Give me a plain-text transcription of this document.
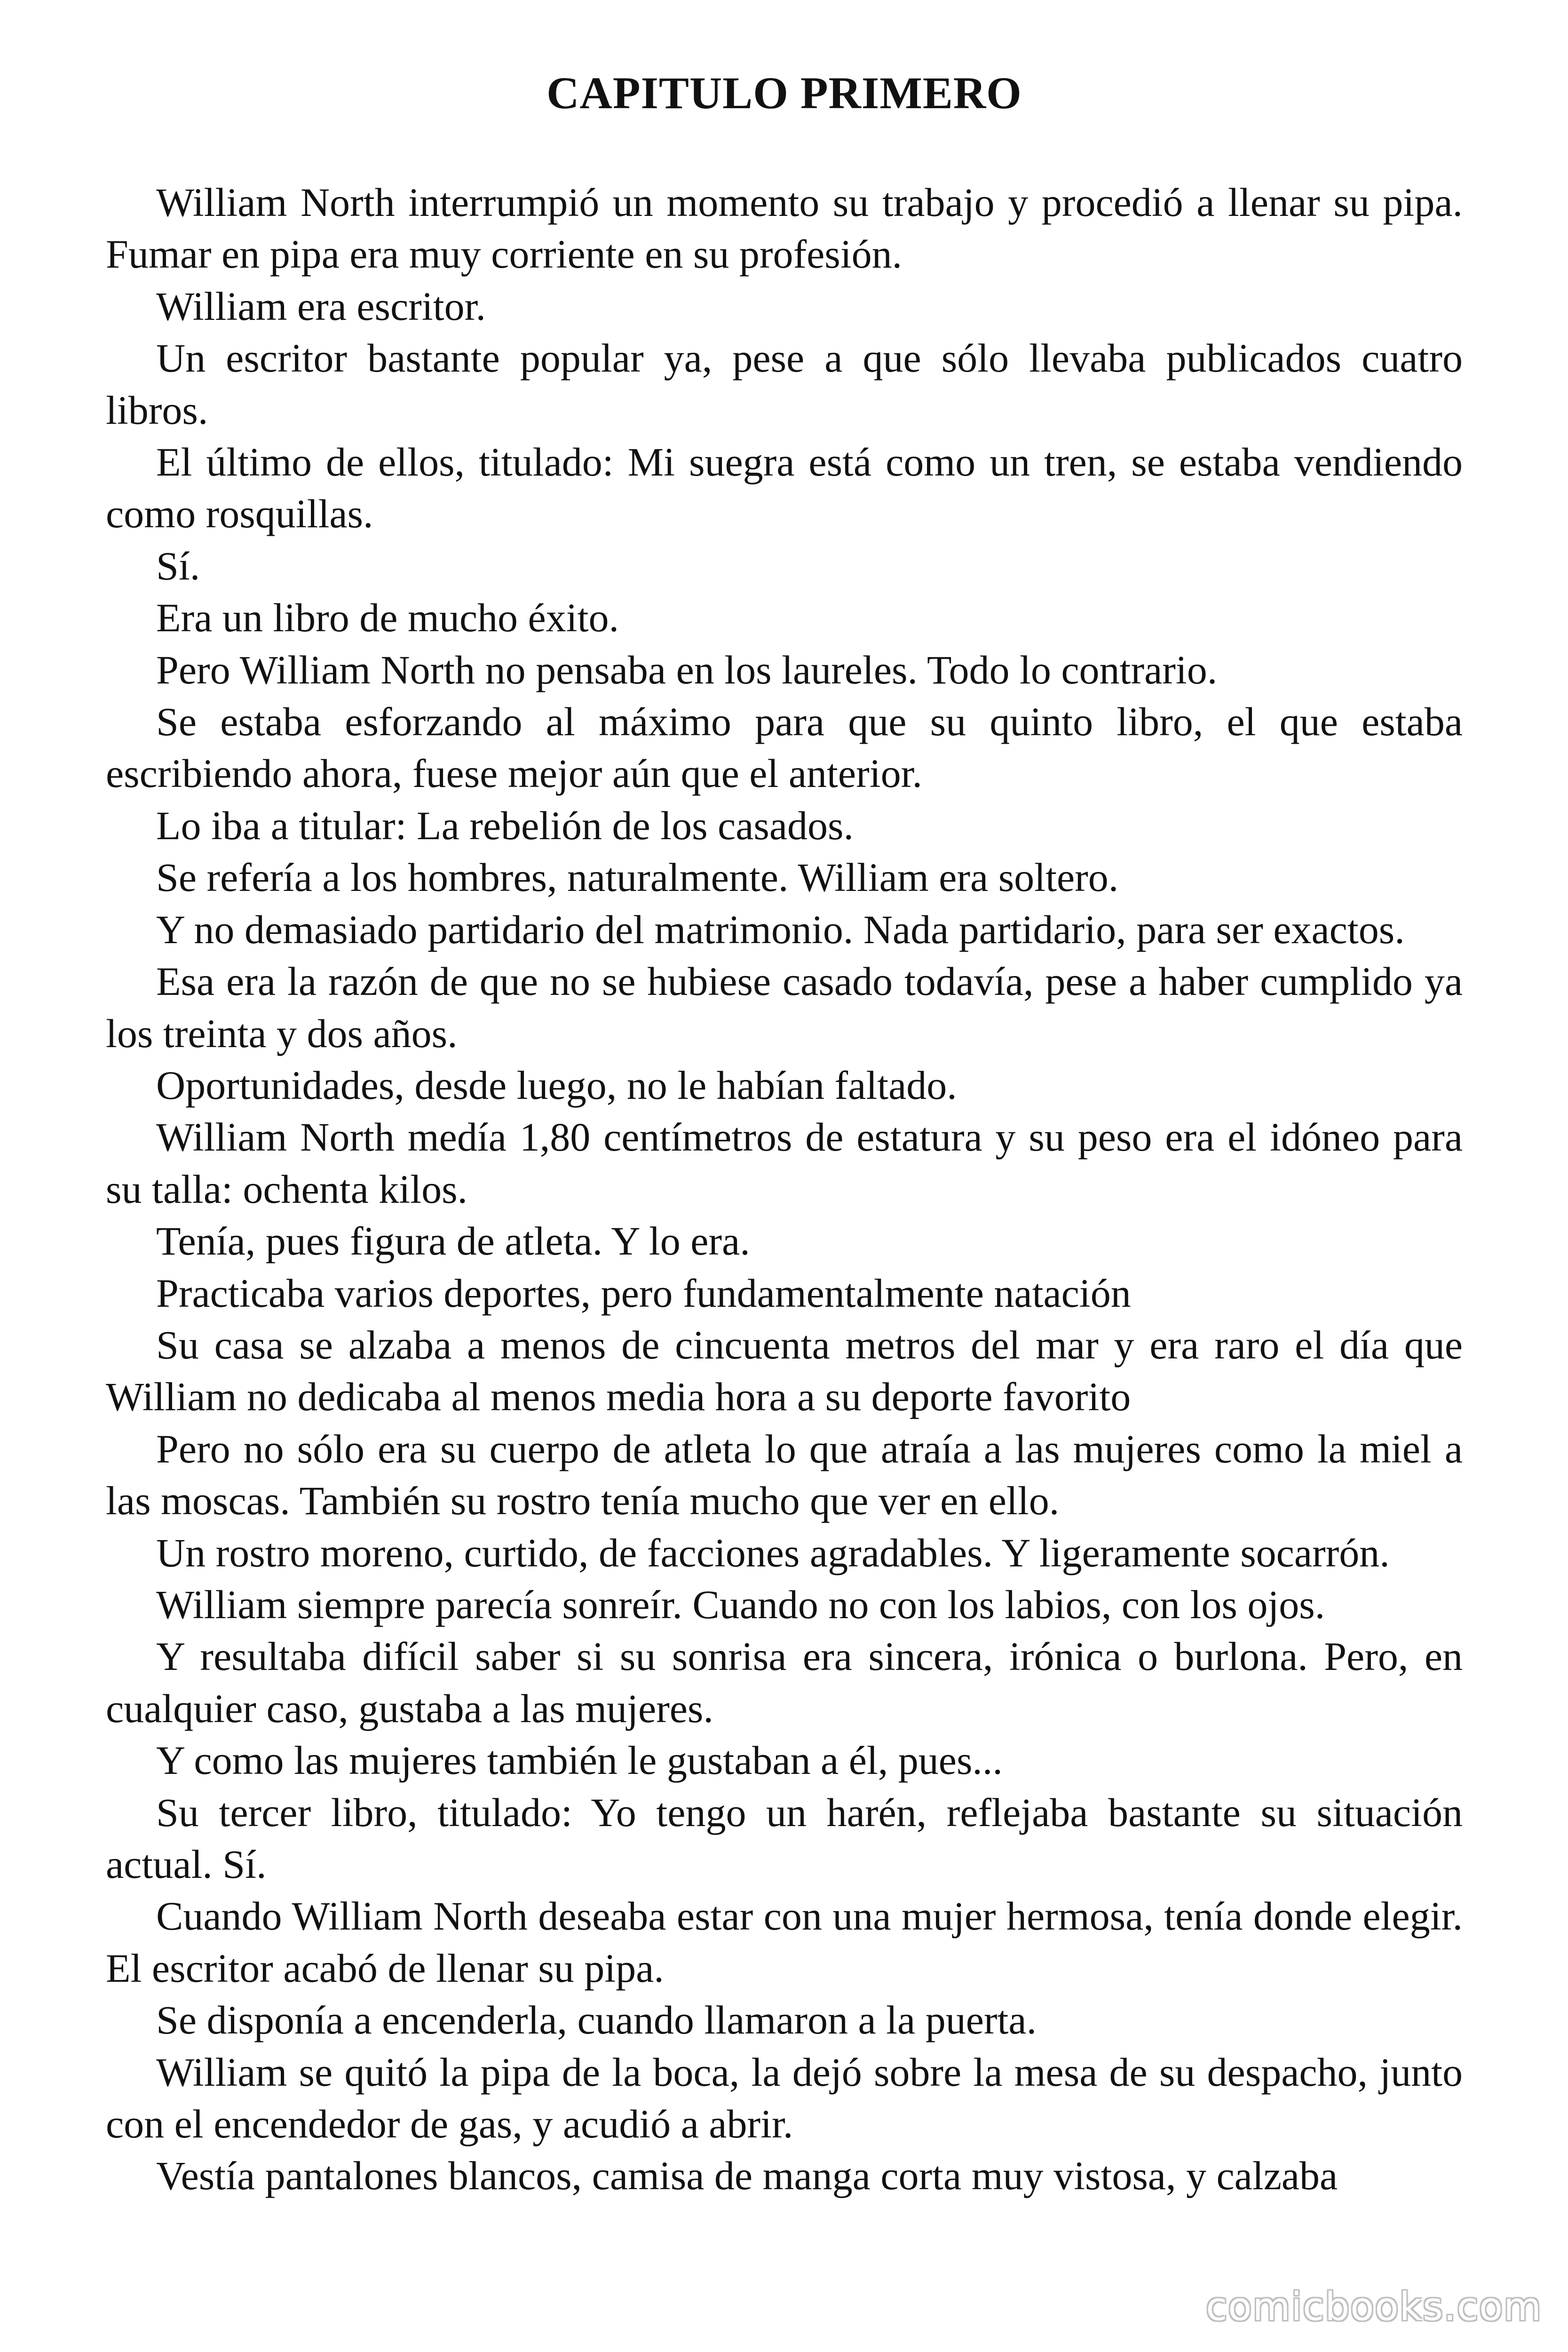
CAPITULO PRIMERO

William North interrumpió un momento su trabajo y procedió a llenar su pipa. Fumar en pipa era muy corriente en su profesión.

William era escritor.

Un escritor bastante popular ya, pese a que sólo llevaba publicados cuatro libros.

El último de ellos, titulado: Mi suegra está como un tren, se estaba vendiendo como rosquillas.

Sí.

Era un libro de mucho éxito.

Pero William North no pensaba en los laureles. Todo lo contrario.

Se estaba esforzando al máximo para que su quinto libro, el que estaba escribiendo ahora, fuese mejor aún que el anterior.

Lo iba a titular: La rebelión de los casados.

Se refería a los hombres, naturalmente. William era soltero.

Y no demasiado partidario del matrimonio. Nada partidario, para ser exactos.

Esa era la razón de que no se hubiese casado todavía, pese a haber cumplido ya los treinta y dos años.

Oportunidades, desde luego, no le habían faltado.

William North medía 1,80 centímetros de estatura y su peso era el idóneo para su talla: ochenta kilos.

Tenía, pues figura de atleta. Y lo era.

Practicaba varios deportes, pero fundamentalmente natación

Su casa se alzaba a menos de cincuenta metros del mar y era raro el día que William no dedicaba al menos media hora a su deporte favorito

Pero no sólo era su cuerpo de atleta lo que atraía a las mujeres como la miel a las moscas. También su rostro tenía mucho que ver en ello.

Un rostro moreno, curtido, de facciones agradables. Y ligeramente socarrón.

William siempre parecía sonreír. Cuando no con los labios, con los ojos.

Y resultaba difícil saber si su sonrisa era sincera, irónica o burlona. Pero, en cualquier caso, gustaba a las mujeres.

Y como las mujeres también le gustaban a él, pues...

Su tercer libro, titulado: Yo tengo un harén, reflejaba bastante su situación actual. Sí.

Cuando William North deseaba estar con una mujer hermosa, tenía donde elegir. El escritor acabó de llenar su pipa.

Se disponía a encenderla, cuando llamaron a la puerta.

William se quitó la pipa de la boca, la dejó sobre la mesa de su despacho, junto con el encendedor de gas, y acudió a abrir.

Vestía pantalones blancos, camisa de manga corta muy vistosa, y calzaba

comicbooks.com
